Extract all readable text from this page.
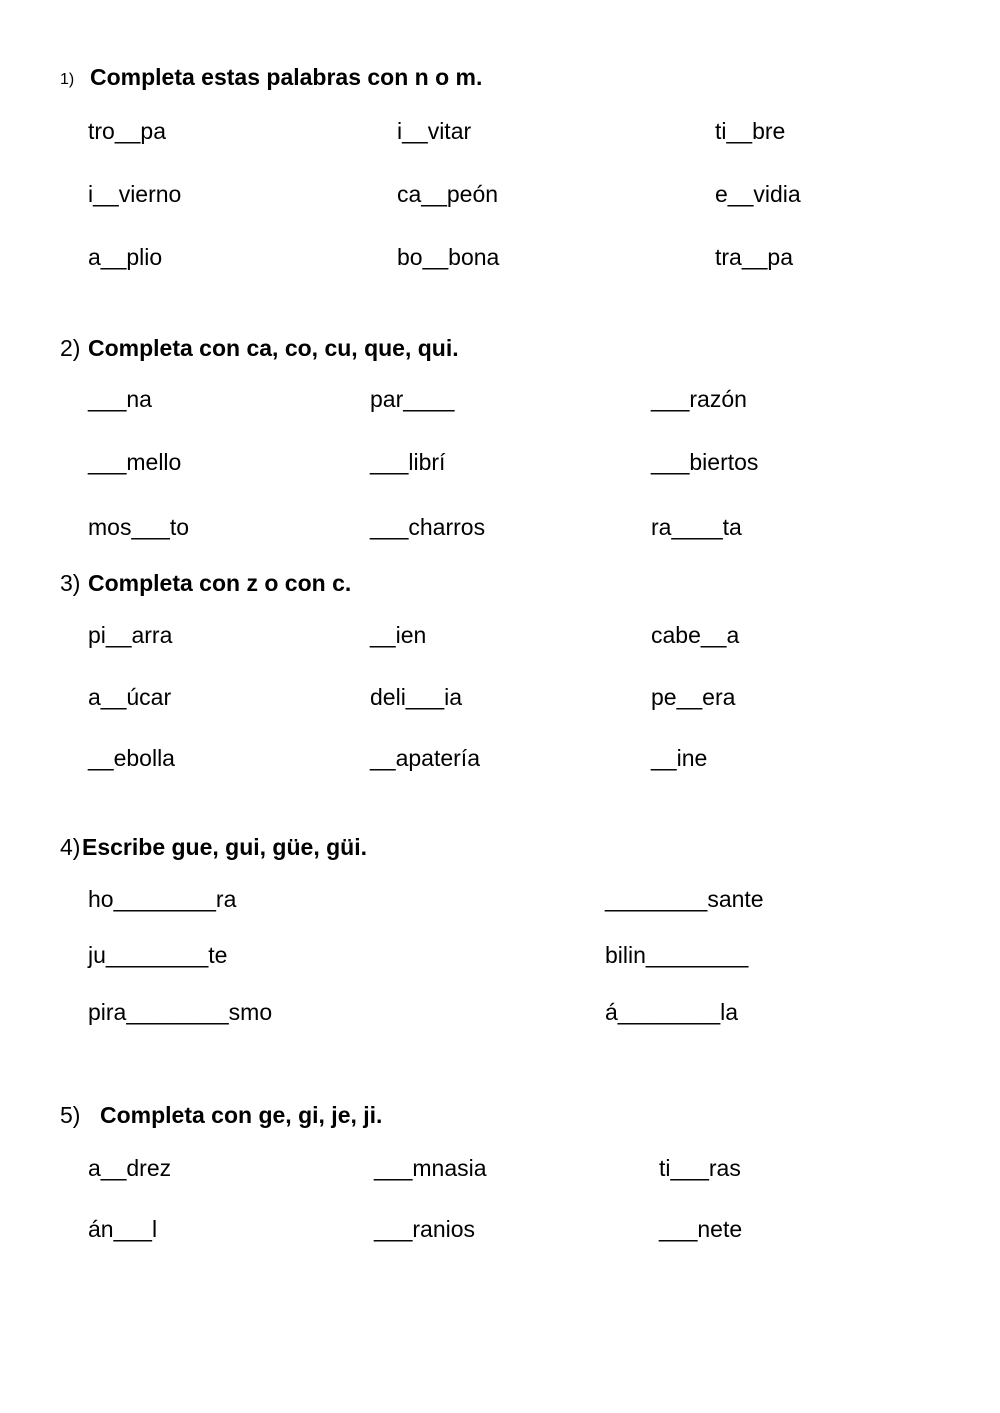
1) Completa estas palabras con n o m.
tro__pa	i__vitar	ti__bre
i__vierno	ca__peón	e__vidia
a__plio	bo__bona	tra__pa
2) Completa con ca, co, cu, que, qui.
___na	par____	___razón
___mello	___librí	___biertos
mos___to	___charros	ra____ta
3) Completa con z o con c.
pi__arra	__ien	cabe__a
a__úcar	deli___ia	pe__era
__ebolla	__apatería	__ine
4) Escribe gue, gui, güe, güi.
ho________ra	________sante
ju________te	bilin________
pira________smo	á________la
5) Completa con ge, gi, je, ji.
a__drez	___mnasia	ti___ras
án___l	___ranios	___nete
